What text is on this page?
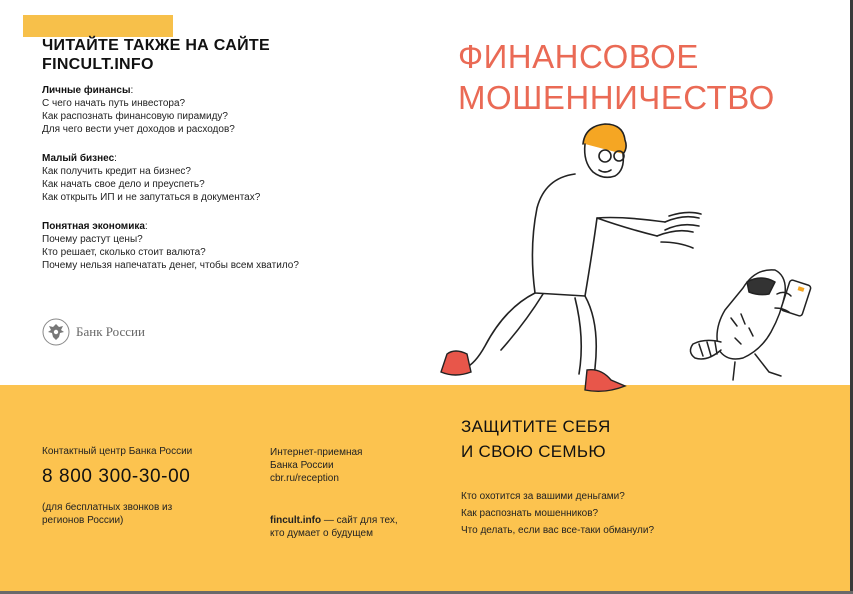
ЧИТАЙТЕ ТАКЖЕ НА САЙТЕ
FINCULT.INFO
Личные финансы:
С чего начать путь инвестора?
Как распознать финансовую пирамиду?
Для чего вести учет доходов и расходов?
Малый бизнес:
Как получить кредит на бизнес?
Как начать свое дело и преуспеть?
Как открыть ИП и не запутаться в документах?
Понятная экономика:
Почему растут цены?
Кто решает, сколько стоит валюта?
Почему нельзя напечатать денег, чтобы всем хватило?
Банк России
ФИНАНСОВОЕ
МОШЕННИЧЕСТВО
Контактный центр Банка России
8 800 300-30-00
(для бесплатных звонков из регионов России)
Интернет-приемная
Банка России
cbr.ru/reception
fincult.info — сайт для тех, кто думает о будущем
ЗАЩИТИТЕ СЕБЯ
И СВОЮ СЕМЬЮ
Кто охотится за вашими деньгами?
Как распознать мошенников?
Что делать, если вас все-таки обманули?
